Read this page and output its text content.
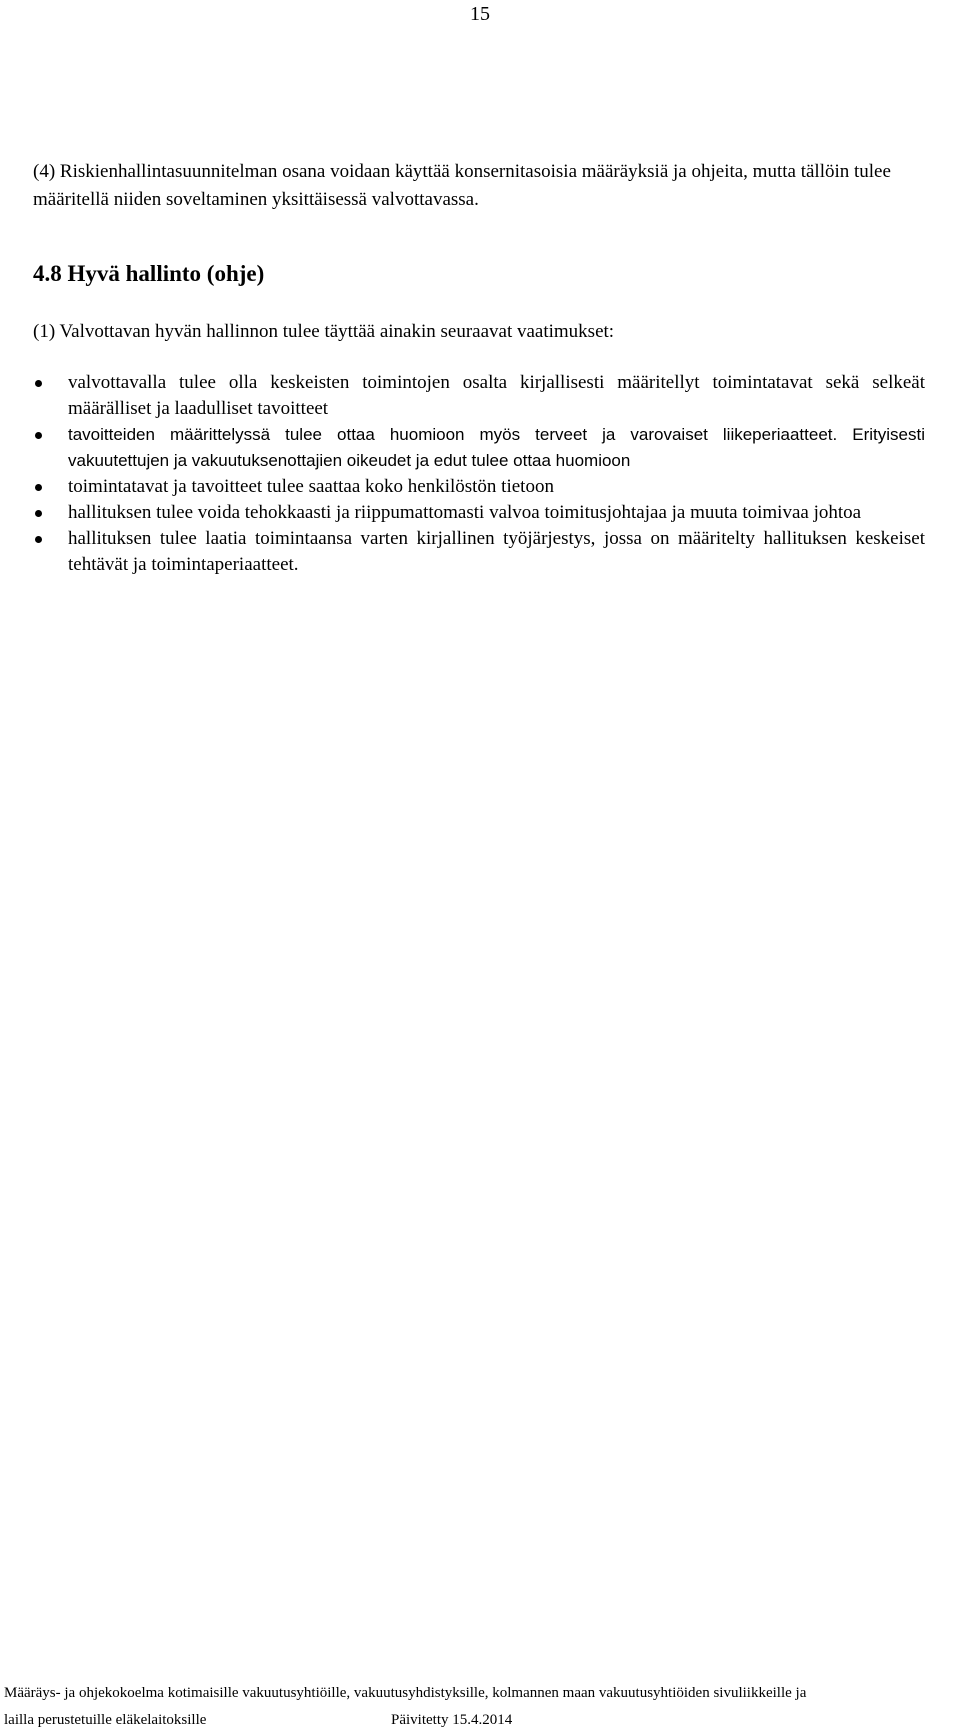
15

(4) Riskienhallintasuunnitelman osana voidaan käyttää konsernitasoisia määräyksiä ja ohjeita, mutta tällöin tulee määritellä niiden soveltaminen yksittäisessä valvottavassa.

4.8 Hyvä hallinto (ohje)

(1) Valvottavan hyvän hallinnon tulee täyttää ainakin seuraavat vaatimukset:

valvottavalla tulee olla keskeisten toimintojen osalta kirjallisesti määritellyt toimintatavat sekä selkeät määrälliset ja laadulliset tavoitteet
tavoitteiden määrittelyssä tulee ottaa huomioon myös terveet ja varovaiset liikeperiaatteet. Erityisesti vakuutettujen ja vakuutuksenottajien oikeudet ja edut tulee ottaa huomioon
toimintatavat ja tavoitteet tulee saattaa koko henkilöstön tietoon
hallituksen tulee voida tehokkaasti ja riippumattomasti valvoa toimitusjohtajaa ja muuta toimivaa johtoa
hallituksen tulee laatia toimintaansa varten kirjallinen työjärjestys, jossa on määritelty hallituksen keskeiset tehtävät ja toimintaperiaatteet.

Määräys- ja ohjekokoelma kotimaisille vakuutusyhtiöille, vakuutusyhdistyksille, kolmannen maan vakuutusyhtiöiden sivuliikkeille ja

lailla perustetuille eläkelaitoksille	Päivitetty 15.4.2014
